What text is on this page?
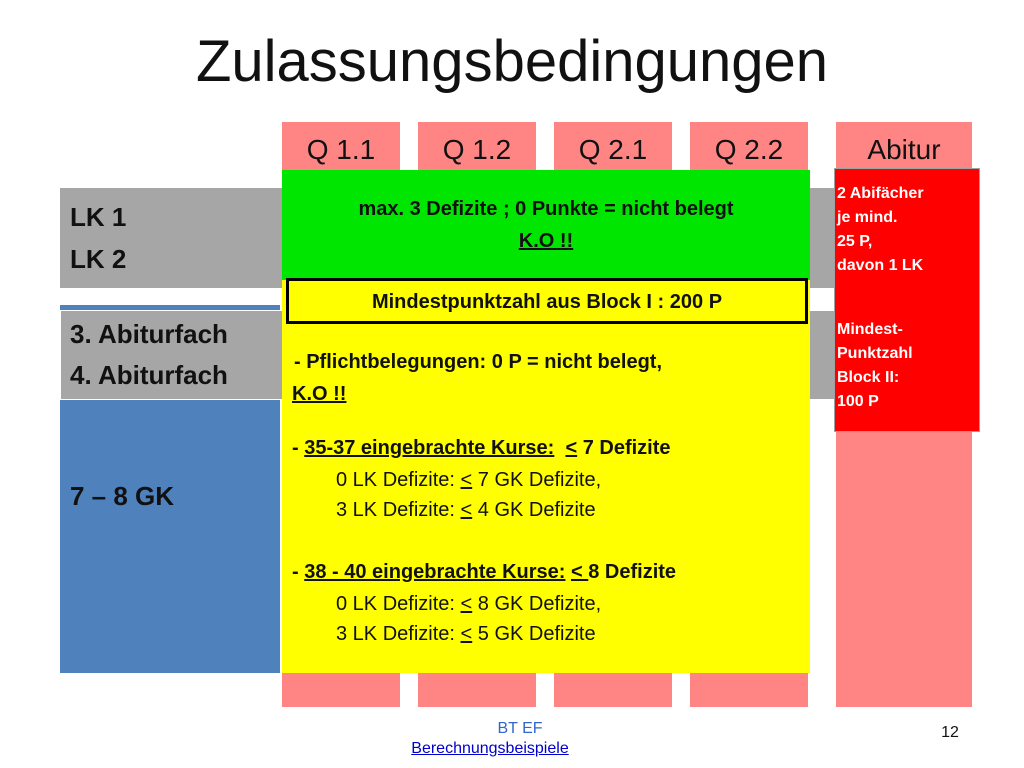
Zulassungsbedingungen
Q 1.1	Q 1.2	Q 2.1	Q 2.2	Abitur
LK 1
LK 2
3. Abiturfach
4. Abiturfach
7 – 8 GK
max. 3 Defizite ; 0 Punkte = nicht belegt
K.O !!
- Pflichtbelegungen: 0 P = nicht belegt,
K.O !!
- 35-37 eingebrachte Kurse: < 7 Defizite
0 LK Defizite: < 7 GK Defizite,
3 LK Defizite: < 4 GK Defizite
- 38 - 40 eingebrachte Kurse: < 8 Defizite
0 LK Defizite: < 8 GK Defizite,
3 LK Defizite: < 5 GK Defizite
Mindestpunktzahl aus Block I : 200 P
2 Abifächer
je mind.
25 P,
davon 1 LK
Mindest-
Punktzahl
Block II:
100 P
BT EF
Berechnungsbeispiele
12
